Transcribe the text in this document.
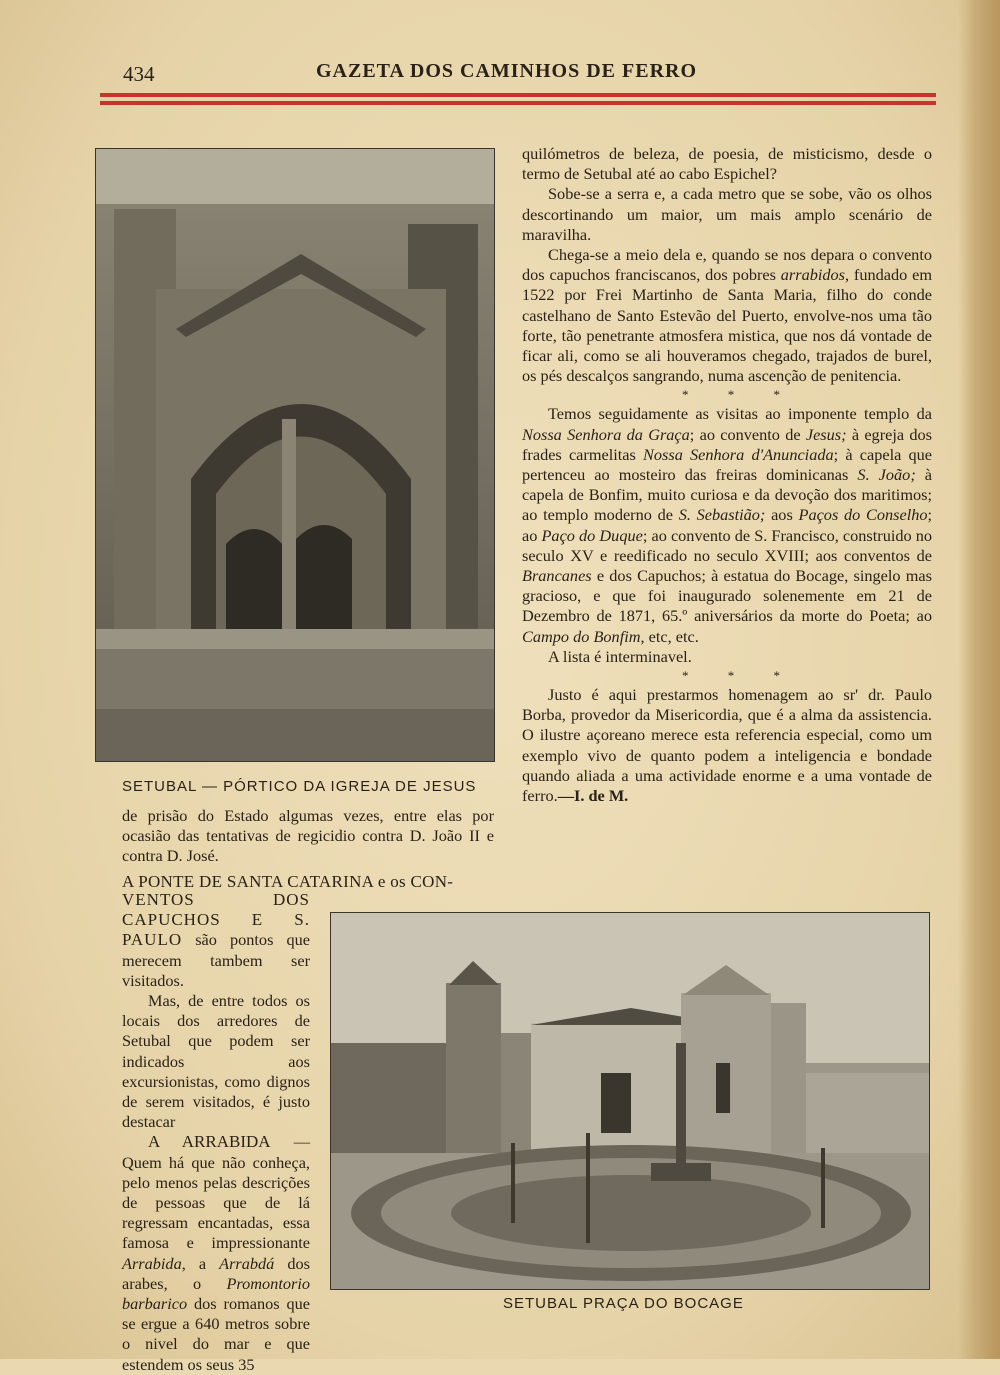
434	GAZETA DOS CAMINHOS DE FERRO
SETUBAL — PÓRTICO DA IGREJA DE JESUS

quilómetros de beleza, de poesia, de misticismo, desde o termo de Setubal até ao cabo Espichel?

Sobe-se a serra e, a cada metro que se sobe, vão os olhos descortinando um maior, um mais amplo scenário de maravilha.

Chega-se a meio dela e, quando se nos depara o convento dos capuchos franciscanos, dos pobres arrabidos, fundado em 1522 por Frei Martinho de Santa Maria, filho do conde castelhano de Santo Estevão del Puerto, envolve-nos uma tão forte, tão penetrante atmosfera mistica, que nos dá vontade de ficar ali, como se ali houveramos chegado, trajados de burel, os pés descalços sangrando, numa ascenção de penitencia.

* * *

Temos seguidamente as visitas ao imponente templo da Nossa Senhora da Graça; ao convento de Jesus; à egreja dos frades carmelitas Nossa Senhora d'Anunciada; à capela que pertenceu ao mosteiro das freiras dominicanas S. João; à capela de Bonfim, muito curiosa e da devoção dos maritimos; ao templo moderno de S. Sebastião; aos Paços do Conselho; ao Paço do Duque; ao convento de S. Francisco, construido no seculo XV e reedificado no seculo XVIII; aos conventos de Brancanes e dos Capuchos; à estatua do Bocage, singelo mas gracioso, e que foi inaugurado solenemente em 21 de Dezembro de 1871, 65.º aniversários da morte do Poeta; ao Campo do Bonfim, etc, etc.

A lista é interminavel.

* * *

Justo é aqui prestarmos homenagem ao sr' dr. Paulo Borba, provedor da Misericordia, que é a alma da assistencia. O ilustre açoreano merece esta referencia especial, como um exemplo vivo de quanto podem a inteligencia e bondade quando aliada a uma actividade enorme e a uma vontade de ferro.—I. de M.

de prisão do Estado algumas vezes, entre elas por ocasião das tentativas de regicidio contra D. João II e contra D. José.

A PONTE DE SANTA CATARINA e os CON-

VENTOS DOS CAPUCHOS E S. PAULO são pontos que merecem tambem ser visitados.

Mas, de entre todos os locais dos arredores de Setubal que podem ser indicados aos excursionistas, como dignos de serem visitados, é justo destacar

A ARRABIDA — Quem há que não conheça, pelo menos pelas descrições de pessoas que de lá regressam encantadas, essa famosa e impressionante Arrabida, a Arrabdá dos arabes, o Promontorio barbarico dos romanos que se ergue a 640 metros sobre o nivel do mar e que estendem os seus 35

SETUBAL PRAÇA DO BOCAGE
